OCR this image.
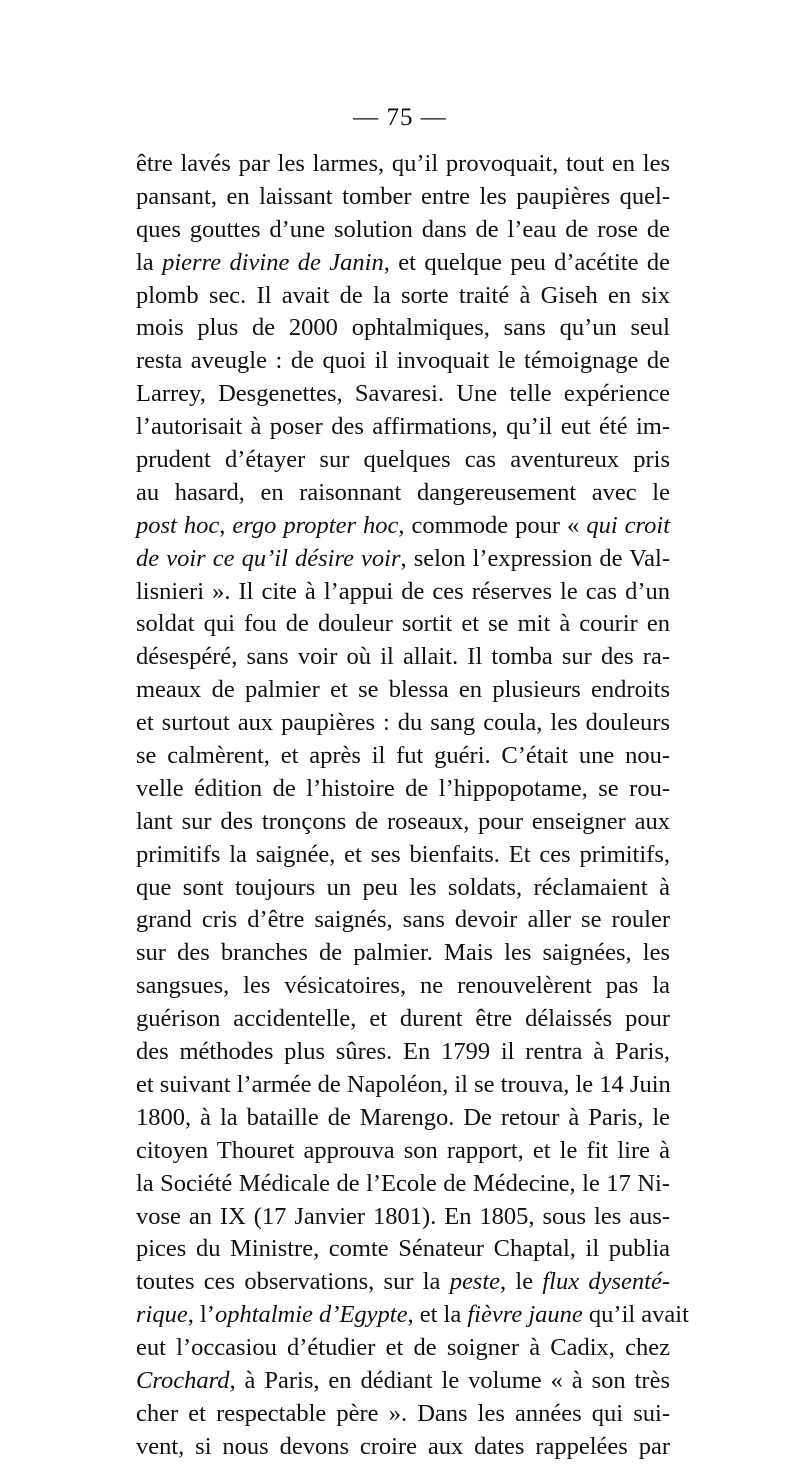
— 75 —
être lavés par les larmes, qu’il provoquait, tout en les
pansant, en laissant tomber entre les paupières quel-
ques gouttes d’une solution dans de l’eau de rose de
la pierre divine de Janin, et quelque peu d’acétite de
plomb sec. Il avait de la sorte traité à Giseh en six
mois plus de 2000 ophtalmiques, sans qu’un seul
resta aveugle : de quoi il invoquait le témoignage de
Larrey, Desgenettes, Savaresi. Une telle expérience
l’autorisait à poser des affirmations, qu’il eut été im-
prudent d’étayer sur quelques cas aventureux pris
au hasard, en raisonnant dangereusement avec le
post hoc, ergo propter hoc, commode pour « qui croit
de voir ce qu’il désire voir, selon l’expression de Val-
lisnieri ». Il cite à l’appui de ces réserves le cas d’un
soldat qui fou de douleur sortit et se mit à courir en
désespéré, sans voir où il allait. Il tomba sur des ra-
meaux de palmier et se blessa en plusieurs endroits
et surtout aux paupières : du sang coula, les douleurs
se calmèrent, et après il fut guéri. C’était une nou-
velle édition de l’histoire de l’hippopotame, se rou-
lant sur des tronçons de roseaux, pour enseigner aux
primitifs la saignée, et ses bienfaits. Et ces primitifs,
que sont toujours un peu les soldats, réclamaient à
grand cris d’être saignés, sans devoir aller se rouler
sur des branches de palmier. Mais les saignées, les
sangsues, les vésicatoires, ne renouvelèrent pas la
guérison accidentelle, et durent être délaissés pour
des méthodes plus sûres. En 1799 il rentra à Paris,
et suivant l’armée de Napoléon, il se trouva, le 14 Juin
1800, à la bataille de Marengo. De retour à Paris, le
citoyen Thouret approuva son rapport, et le fit lire à
la Société Médicale de l’Ecole de Médecine, le 17 Ni-
vose an IX (17 Janvier 1801). En 1805, sous les aus-
pices du Ministre, comte Sénateur Chaptal, il publia
toutes ces observations, sur la peste, le flux dysenté-
rique, l’ophtalmie d’Egypte, et la fièvre jaune qu’il avait
eut l’occasiou d’étudier et de soigner à Cadix, chez
Crochard, à Paris, en dédiant le volume « à son très
cher et respectable père ». Dans les années qui sui-
vent, si nous devons croire aux dates rappelées par
